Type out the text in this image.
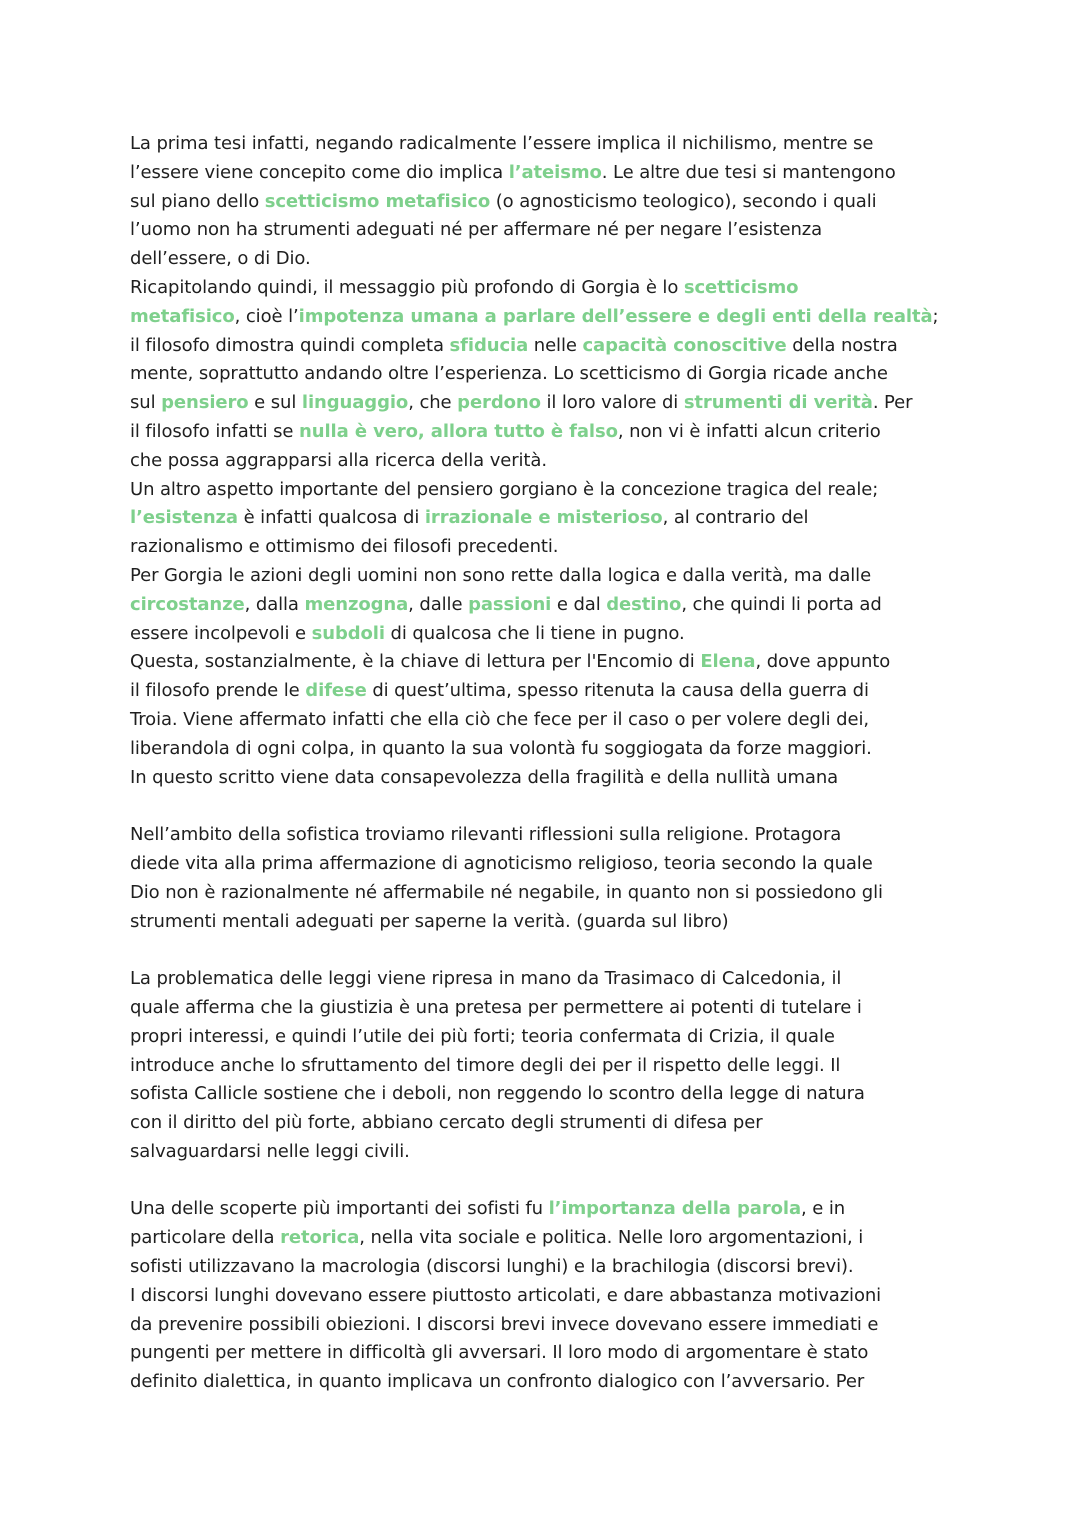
La prima tesi infatti, negando radicalmente l’essere implica il nichilismo, mentre se
l’essere viene concepito come dio implica l’ateismo. Le altre due tesi si mantengono
sul piano dello scetticismo metafisico (o agnosticismo teologico), secondo i quali
l’uomo non ha strumenti adeguati né per affermare né per negare l’esistenza
dell’essere, o di Dio.
Ricapitolando quindi, il messaggio più profondo di Gorgia è lo scetticismo
metafisico, cioè l’impotenza umana a parlare dell’essere e degli enti della realtà;
il filosofo dimostra quindi completa sfiducia nelle capacità conoscitive della nostra
mente, soprattutto andando oltre l’esperienza. Lo scetticismo di Gorgia ricade anche
sul pensiero e sul linguaggio, che perdono il loro valore di strumenti di verità. Per
il filosofo infatti se nulla è vero, allora tutto è falso, non vi è infatti alcun criterio
che possa aggrapparsi alla ricerca della verità.
Un altro aspetto importante del pensiero gorgiano è la concezione tragica del reale;
l’esistenza è infatti qualcosa di irrazionale e misterioso, al contrario del
razionalismo e ottimismo dei filosofi precedenti.
Per Gorgia le azioni degli uomini non sono rette dalla logica e dalla verità, ma dalle
circostanze, dalla menzogna, dalle passioni e dal destino, che quindi li porta ad
essere incolpevoli e subdoli di qualcosa che li tiene in pugno.
Questa, sostanzialmente, è la chiave di lettura per l'Encomio di Elena, dove appunto
il filosofo prende le difese di quest’ultima, spesso ritenuta la causa della guerra di
Troia. Viene affermato infatti che ella ciò che fece per il caso o per volere degli dei,
liberandola di ogni colpa, in quanto la sua volontà fu soggiogata da forze maggiori.
In questo scritto viene data consapevolezza della fragilità e della nullità umana
Nell’ambito della sofistica troviamo rilevanti riflessioni sulla religione. Protagora
diede vita alla prima affermazione di agnoticismo religioso, teoria secondo la quale
Dio non è razionalmente né affermabile né negabile, in quanto non si possiedono gli
strumenti mentali adeguati per saperne la verità. (guarda sul libro)
La problematica delle leggi viene ripresa in mano da Trasimaco di Calcedonia, il
quale afferma che la giustizia è una pretesa per permettere ai potenti di tutelare i
propri interessi, e quindi l’utile dei più forti; teoria confermata di Crizia, il quale
introduce anche lo sfruttamento del timore degli dei per il rispetto delle leggi. Il
sofista Callicle sostiene che i deboli, non reggendo lo scontro della legge di natura
con il diritto del più forte, abbiano cercato degli strumenti di difesa per
salvaguardarsi nelle leggi civili.
Una delle scoperte più importanti dei sofisti fu l’importanza della parola, e in
particolare della retorica, nella vita sociale e politica. Nelle loro argomentazioni, i
sofisti utilizzavano la macrologia (discorsi lunghi) e la brachilogia (discorsi brevi).
I discorsi lunghi dovevano essere piuttosto articolati, e dare abbastanza motivazioni
da prevenire possibili obiezioni. I discorsi brevi invece dovevano essere immediati e
pungenti per mettere in difficoltà gli avversari. Il loro modo di argomentare è stato
definito dialettica, in quanto implicava un confronto dialogico con l’avversario. Per
